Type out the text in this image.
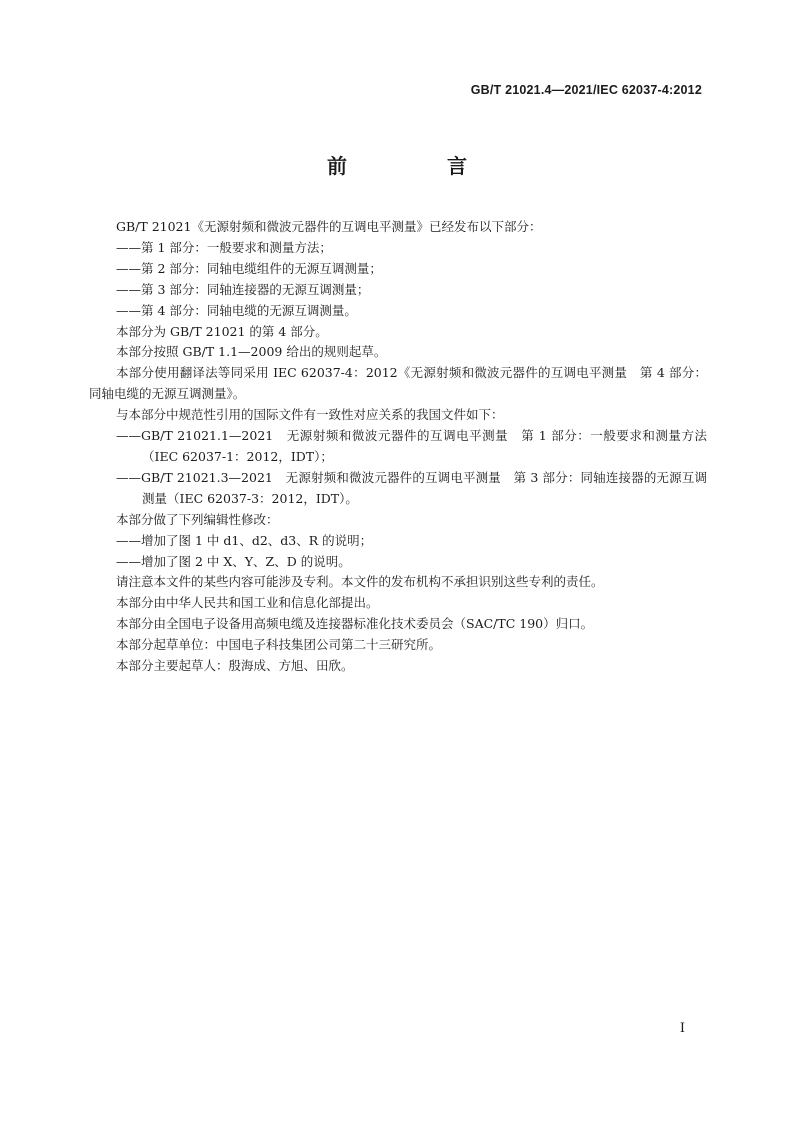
GB/T 21021.4—2021/IEC 62037-4:2012
前　言

GB/T 21021《无源射频和微波元器件的互调电平测量》已经发布以下部分：

——第 1 部分：一般要求和测量方法；

——第 2 部分：同轴电缆组件的无源互调测量；

——第 3 部分：同轴连接器的无源互调测量；

——第 4 部分：同轴电缆的无源互调测量。

本部分为 GB/T 21021 的第 4 部分。

本部分按照 GB/T 1.1—2009 给出的规则起草。

本部分使用翻译法等同采用 IEC 62037-4：2012《无源射频和微波元器件的互调电平测量　第 4 部分：同轴电缆的无源互调测量》。

与本部分中规范性引用的国际文件有一致性对应关系的我国文件如下：

——GB/T 21021.1—2021　无源射频和微波元器件的互调电平测量　第 1 部分：一般要求和测量方法（IEC 62037-1：2012，IDT）；

——GB/T 21021.3—2021　无源射频和微波元器件的互调电平测量　第 3 部分：同轴连接器的无源互调测量（IEC 62037-3：2012，IDT）。

本部分做了下列编辑性修改：

——增加了图 1 中 d1、d2、d3、R 的说明；

——增加了图 2 中 X、Y、Z、D 的说明。

请注意本文件的某些内容可能涉及专利。本文件的发布机构不承担识别这些专利的责任。

本部分由中华人民共和国工业和信息化部提出。

本部分由全国电子设备用高频电缆及连接器标准化技术委员会（SAC/TC 190）归口。

本部分起草单位：中国电子科技集团公司第二十三研究所。

本部分主要起草人：殷海成、方旭、田欣。

I
